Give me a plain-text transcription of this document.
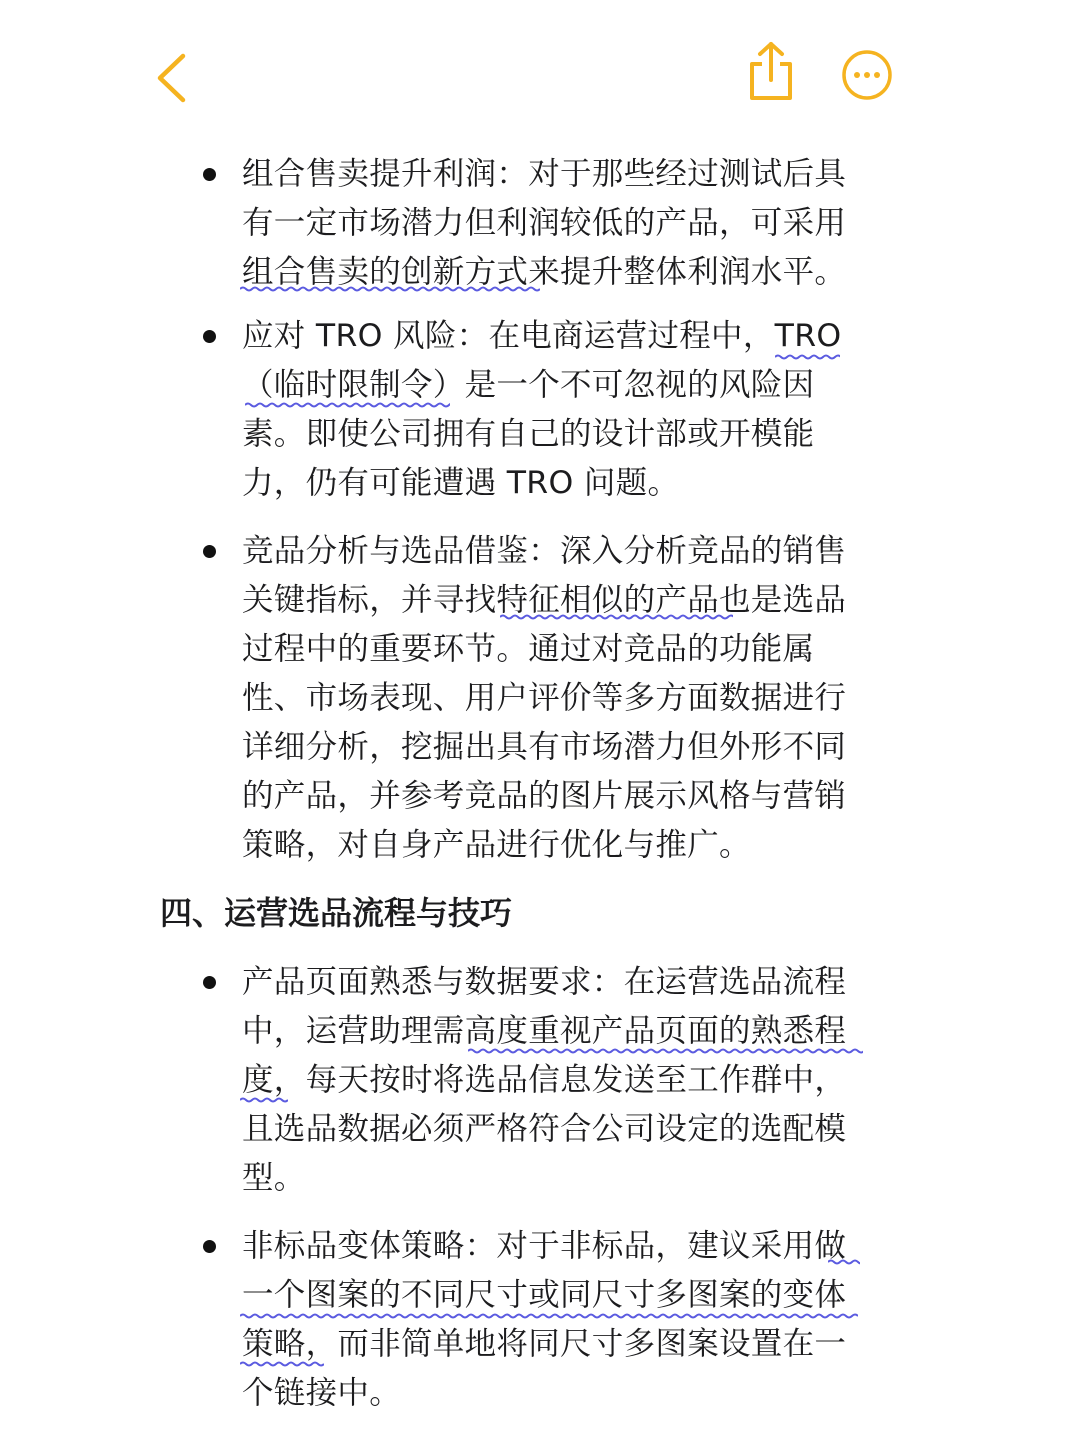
组合售卖提升利润：对于那些经过测试后具
有一定市场潜力但利润较低的产品，可采用
组合售卖的创新方式来提升整体利润水平。
应对 TRO 风险：在电商运营过程中，TRO
（临时限制令）是一个不可忽视的风险因
素。即使公司拥有自己的设计部或开模能
力，仍有可能遭遇 TRO 问题。
竞品分析与选品借鉴：深入分析竞品的销售
关键指标，并寻找特征相似的产品也是选品
过程中的重要环节。通过对竞品的功能属
性、市场表现、用户评价等多方面数据进行
详细分析，挖掘出具有市场潜力但外形不同
的产品，并参考竞品的图片展示风格与营销
策略，对自身产品进行优化与推广。
四、运营选品流程与技巧
产品页面熟悉与数据要求：在运营选品流程
中，运营助理需高度重视产品页面的熟悉程
度，每天按时将选品信息发送至工作群中，
且选品数据必须严格符合公司设定的选配模
型。
非标品变体策略：对于非标品，建议采用做
一个图案的不同尺寸或同尺寸多图案的变体
策略，而非简单地将同尺寸多图案设置在一
个链接中。
